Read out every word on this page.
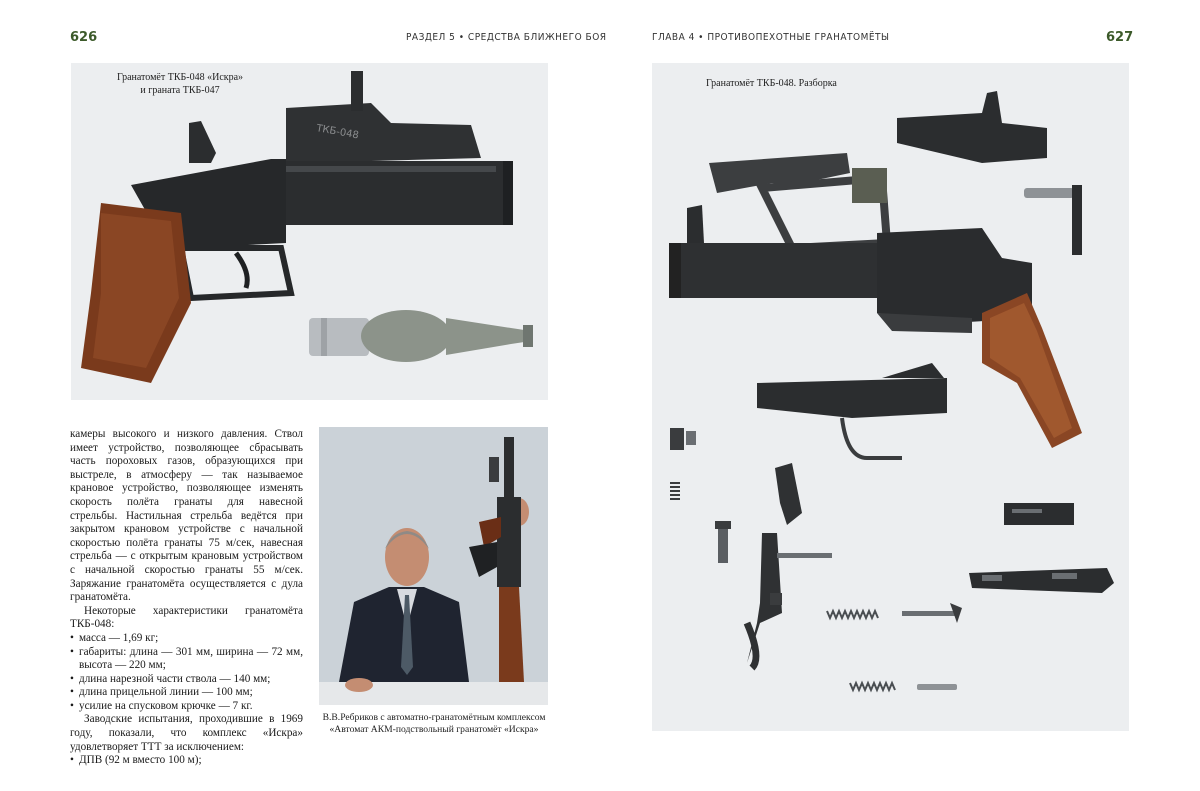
626	РАЗДЕЛ 5 • СРЕДСТВА БЛИЖНЕГО БОЯ
ТКБ-048
Гранатомёт ТКБ-048 «Искра»
и граната ТКБ-047

камеры высокого и низкого давления. Ствол имеет устройство, позволяющее сбрасывать часть пороховых газов, образующихся при выстреле, в атмосферу — так называемое крановое устройство, позволяющее изменять скорость полёта гранаты для навесной стрельбы. Настильная стрельба ведётся при закрытом крановом устройстве с начальной скоростью полёта гранаты 75 м/сек, навесная стрельба — с открытым крановым устройством с начальной скоростью гранаты 55 м/сек. Заряжание гранатомёта осуществляется с дула гранатомёта.

Некоторые характеристики гранатомёта ТКБ-048:

• масса — 1,69 кг;
• габариты: длина — 301 мм, ширина — 72 мм, высота — 220 мм;
• длина нарезной части ствола — 140 мм;
• длина прицельной линии — 100 мм;
• усилие на спусковом крючке — 7 кг.

Заводские испытания, проходившие в 1969 году, показали, что комплекс «Искра» удовлетворяет ТТТ за исключением:

• ДПВ (92 м вместо 100 м);
В.В.Ребриков с автоматно-гранатомётным комплексом
«Автомат АКМ-подствольный гранатомёт «Искра»
ГЛАВА 4 • ПРОТИВОПЕХОТНЫЕ ГРАНАТОМЁТЫ	627
Гранатомёт ТКБ-048. Разборка
